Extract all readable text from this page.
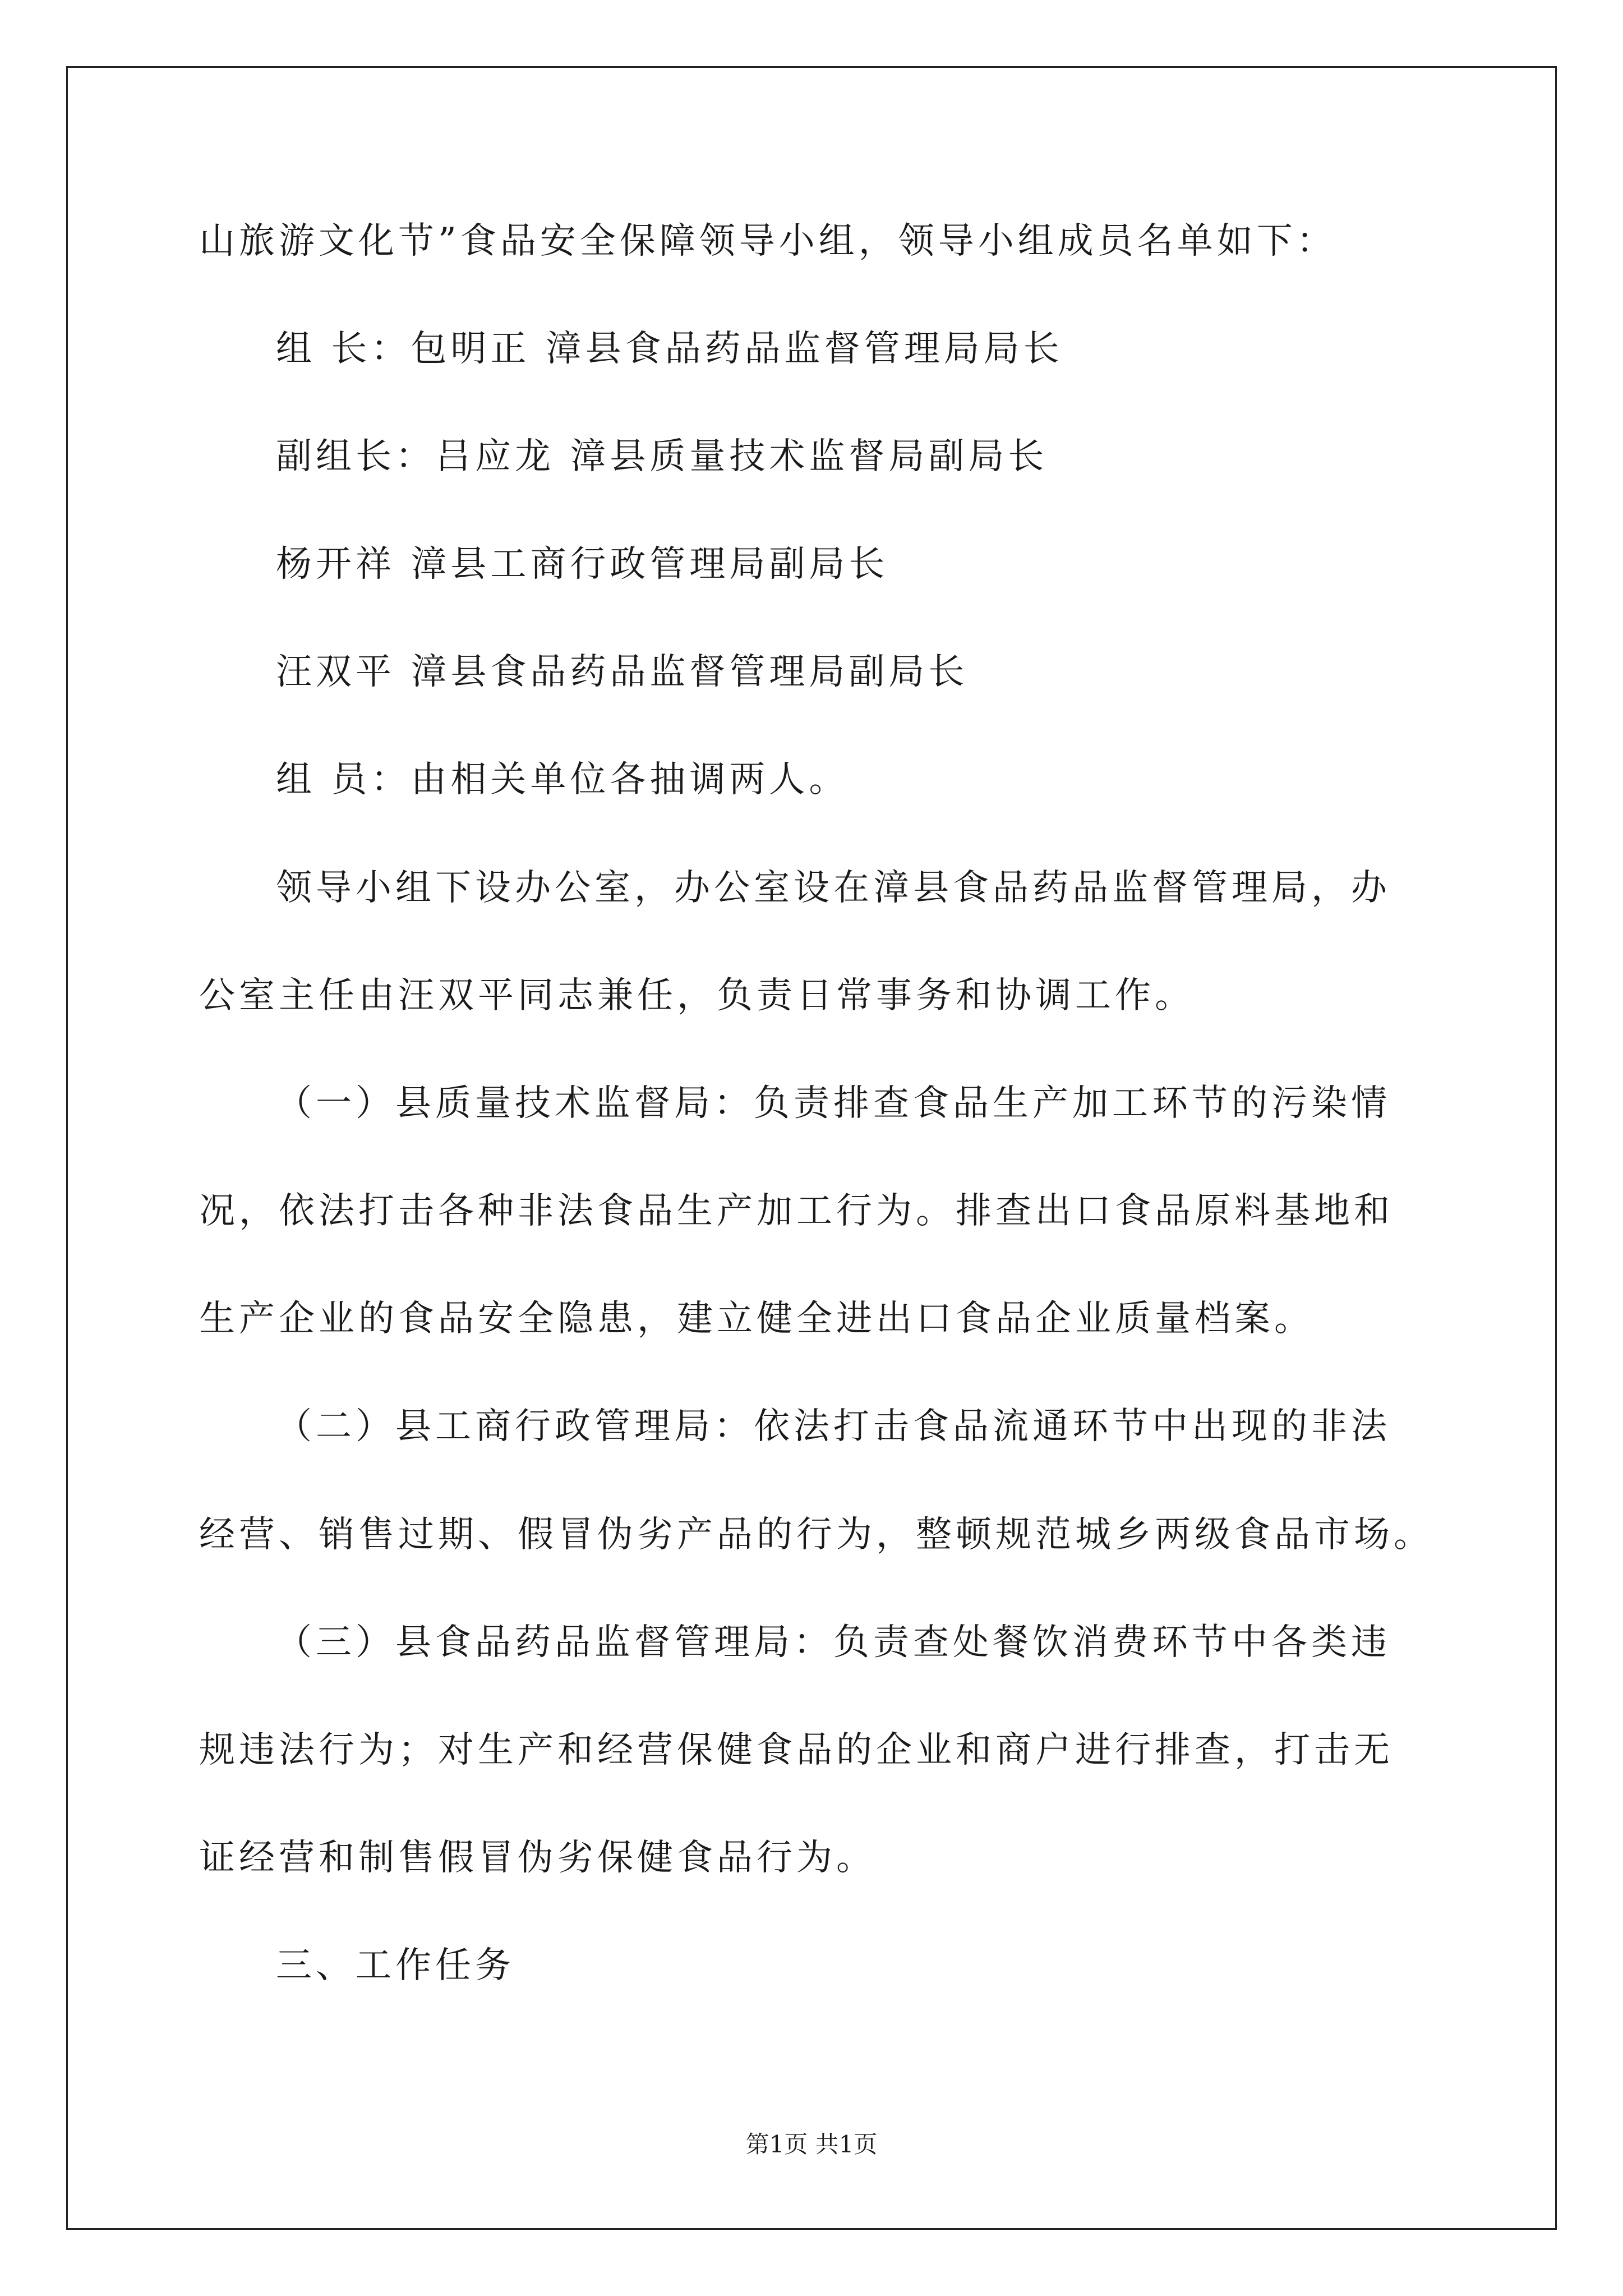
山旅游文化节”食品安全保障领导小组，领导小组成员名单如下：
组 长：包明正 漳县食品药品监督管理局局长
副组长：吕应龙 漳县质量技术监督局副局长
杨开祥 漳县工商行政管理局副局长
汪双平 漳县食品药品监督管理局副局长
组 员：由相关单位各抽调两人。
领导小组下设办公室，办公室设在漳县食品药品监督管理局，办
公室主任由汪双平同志兼任，负责日常事务和协调工作。
（一）县质量技术监督局：负责排查食品生产加工环节的污染情
况，依法打击各种非法食品生产加工行为。排查出口食品原料基地和
生产企业的食品安全隐患，建立健全进出口食品企业质量档案。
（二）县工商行政管理局：依法打击食品流通环节中出现的非法
经营、销售过期、假冒伪劣产品的行为，整顿规范城乡两级食品市场。
（三）县食品药品监督管理局：负责查处餐饮消费环节中各类违
规违法行为；对生产和经营保健食品的企业和商户进行排查，打击无
证经营和制售假冒伪劣保健食品行为。
三、工作任务
第1页 共1页
